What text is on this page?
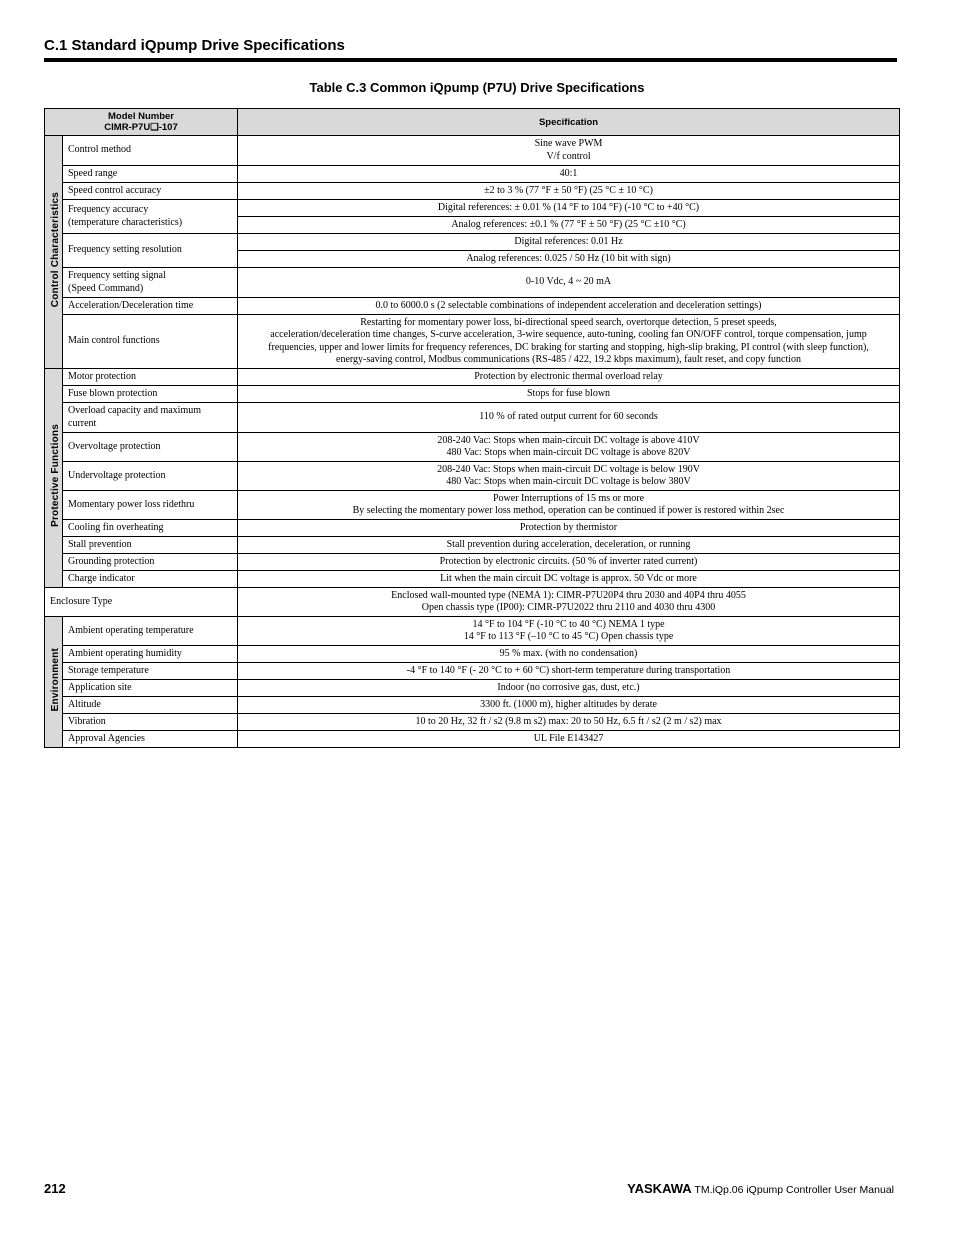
C.1 Standard iQpump Drive Specifications
Table C.3 Common iQpump (P7U) Drive Specifications
Model Number
CIMR-P7U❏-107		Specification
Control Characteristics	Control method	Sine wave PWM
V/f control

	Speed range	40:1

	Speed control accuracy	±2 to 3 % (77 °F ± 50 °F) (25 °C ± 10 °C)

	Frequency accuracy
(temperature characteristics)	Digital references: ± 0.01 % (14 °F to 104 °F) (-10 °C to +40 °C)

		Analog references: ±0.1 % (77 °F ± 50 °F) (25 °C ±10 °C)

	Frequency setting resolution	Digital references: 0.01 Hz

		Analog references: 0.025 / 50 Hz (10 bit with sign)

	Frequency setting signal
(Speed Command)	0-10 Vdc, 4 ~ 20 mA

	Acceleration/Deceleration time	0.0 to 6000.0 s (2 selectable combinations of independent acceleration and deceleration settings)

	Main control functions	Restarting for momentary power loss, bi-directional speed search, overtorque detection, 5 preset speeds,
acceleration/deceleration time changes, S-curve acceleration, 3-wire sequence, auto-tuning, cooling fan ON/OFF control, torque compensation, jump
frequencies, upper and lower limits for frequency references, DC braking for starting and stopping, high-slip braking, PI control (with sleep function),
energy-saving control, Modbus communications (RS-485 / 422, 19.2 kbps maximum), fault reset, and copy function

Protective Functions	Motor protection	Protection by electronic thermal overload relay

	Fuse blown protection	Stops for fuse blown

	Overload capacity and maximum
current	110 % of rated output current for 60 seconds

	Overvoltage protection	208-240 Vac: Stops when main-circuit DC voltage is above 410V
480 Vac: Stops when main-circuit DC voltage is above 820V

	Undervoltage protection	208-240 Vac: Stops when main-circuit DC voltage is below 190V
480 Vac: Stops when main-circuit DC voltage is below 380V

	Momentary power loss ridethru	Power Interruptions of 15 ms or more
By selecting the momentary power loss method, operation can be continued if power is restored within 2sec

	Cooling fin overheating	Protection by thermistor

	Stall prevention	Stall prevention during acceleration, deceleration, or running

	Grounding protection	Protection by electronic circuits. (50 % of inverter rated current)

	Charge indicator	Lit when the main circuit DC voltage is approx. 50 Vdc or more

Enclosure Type		Enclosed wall-mounted type (NEMA 1): CIMR-P7U20P4 thru 2030 and 40P4 thru 4055
Open chassis type (IP00): CIMR-P7U2022 thru 2110 and 4030 thru 4300

Environment	Ambient operating temperature	14 °F to 104 °F (-10 °C to 40 °C) NEMA 1 type
14 °F to 113 °F (–10 °C to 45 °C) Open chassis type

	Ambient operating humidity	95 % max. (with no condensation)

	Storage temperature	-4 °F to 140 °F (- 20 °C to + 60 °C) short-term temperature during transportation

	Application site	Indoor (no corrosive gas, dust, etc.)

	Altitude	3300 ft. (1000 m), higher altitudes by derate

	Vibration	10 to 20 Hz, 32 ft / s2 (9.8 m s2) max: 20 to 50 Hz, 6.5 ft / s2 (2 m / s2) max

	Approval Agencies	UL File E143427
212	YASKAWA TM.iQp.06 iQpump Controller User Manual
